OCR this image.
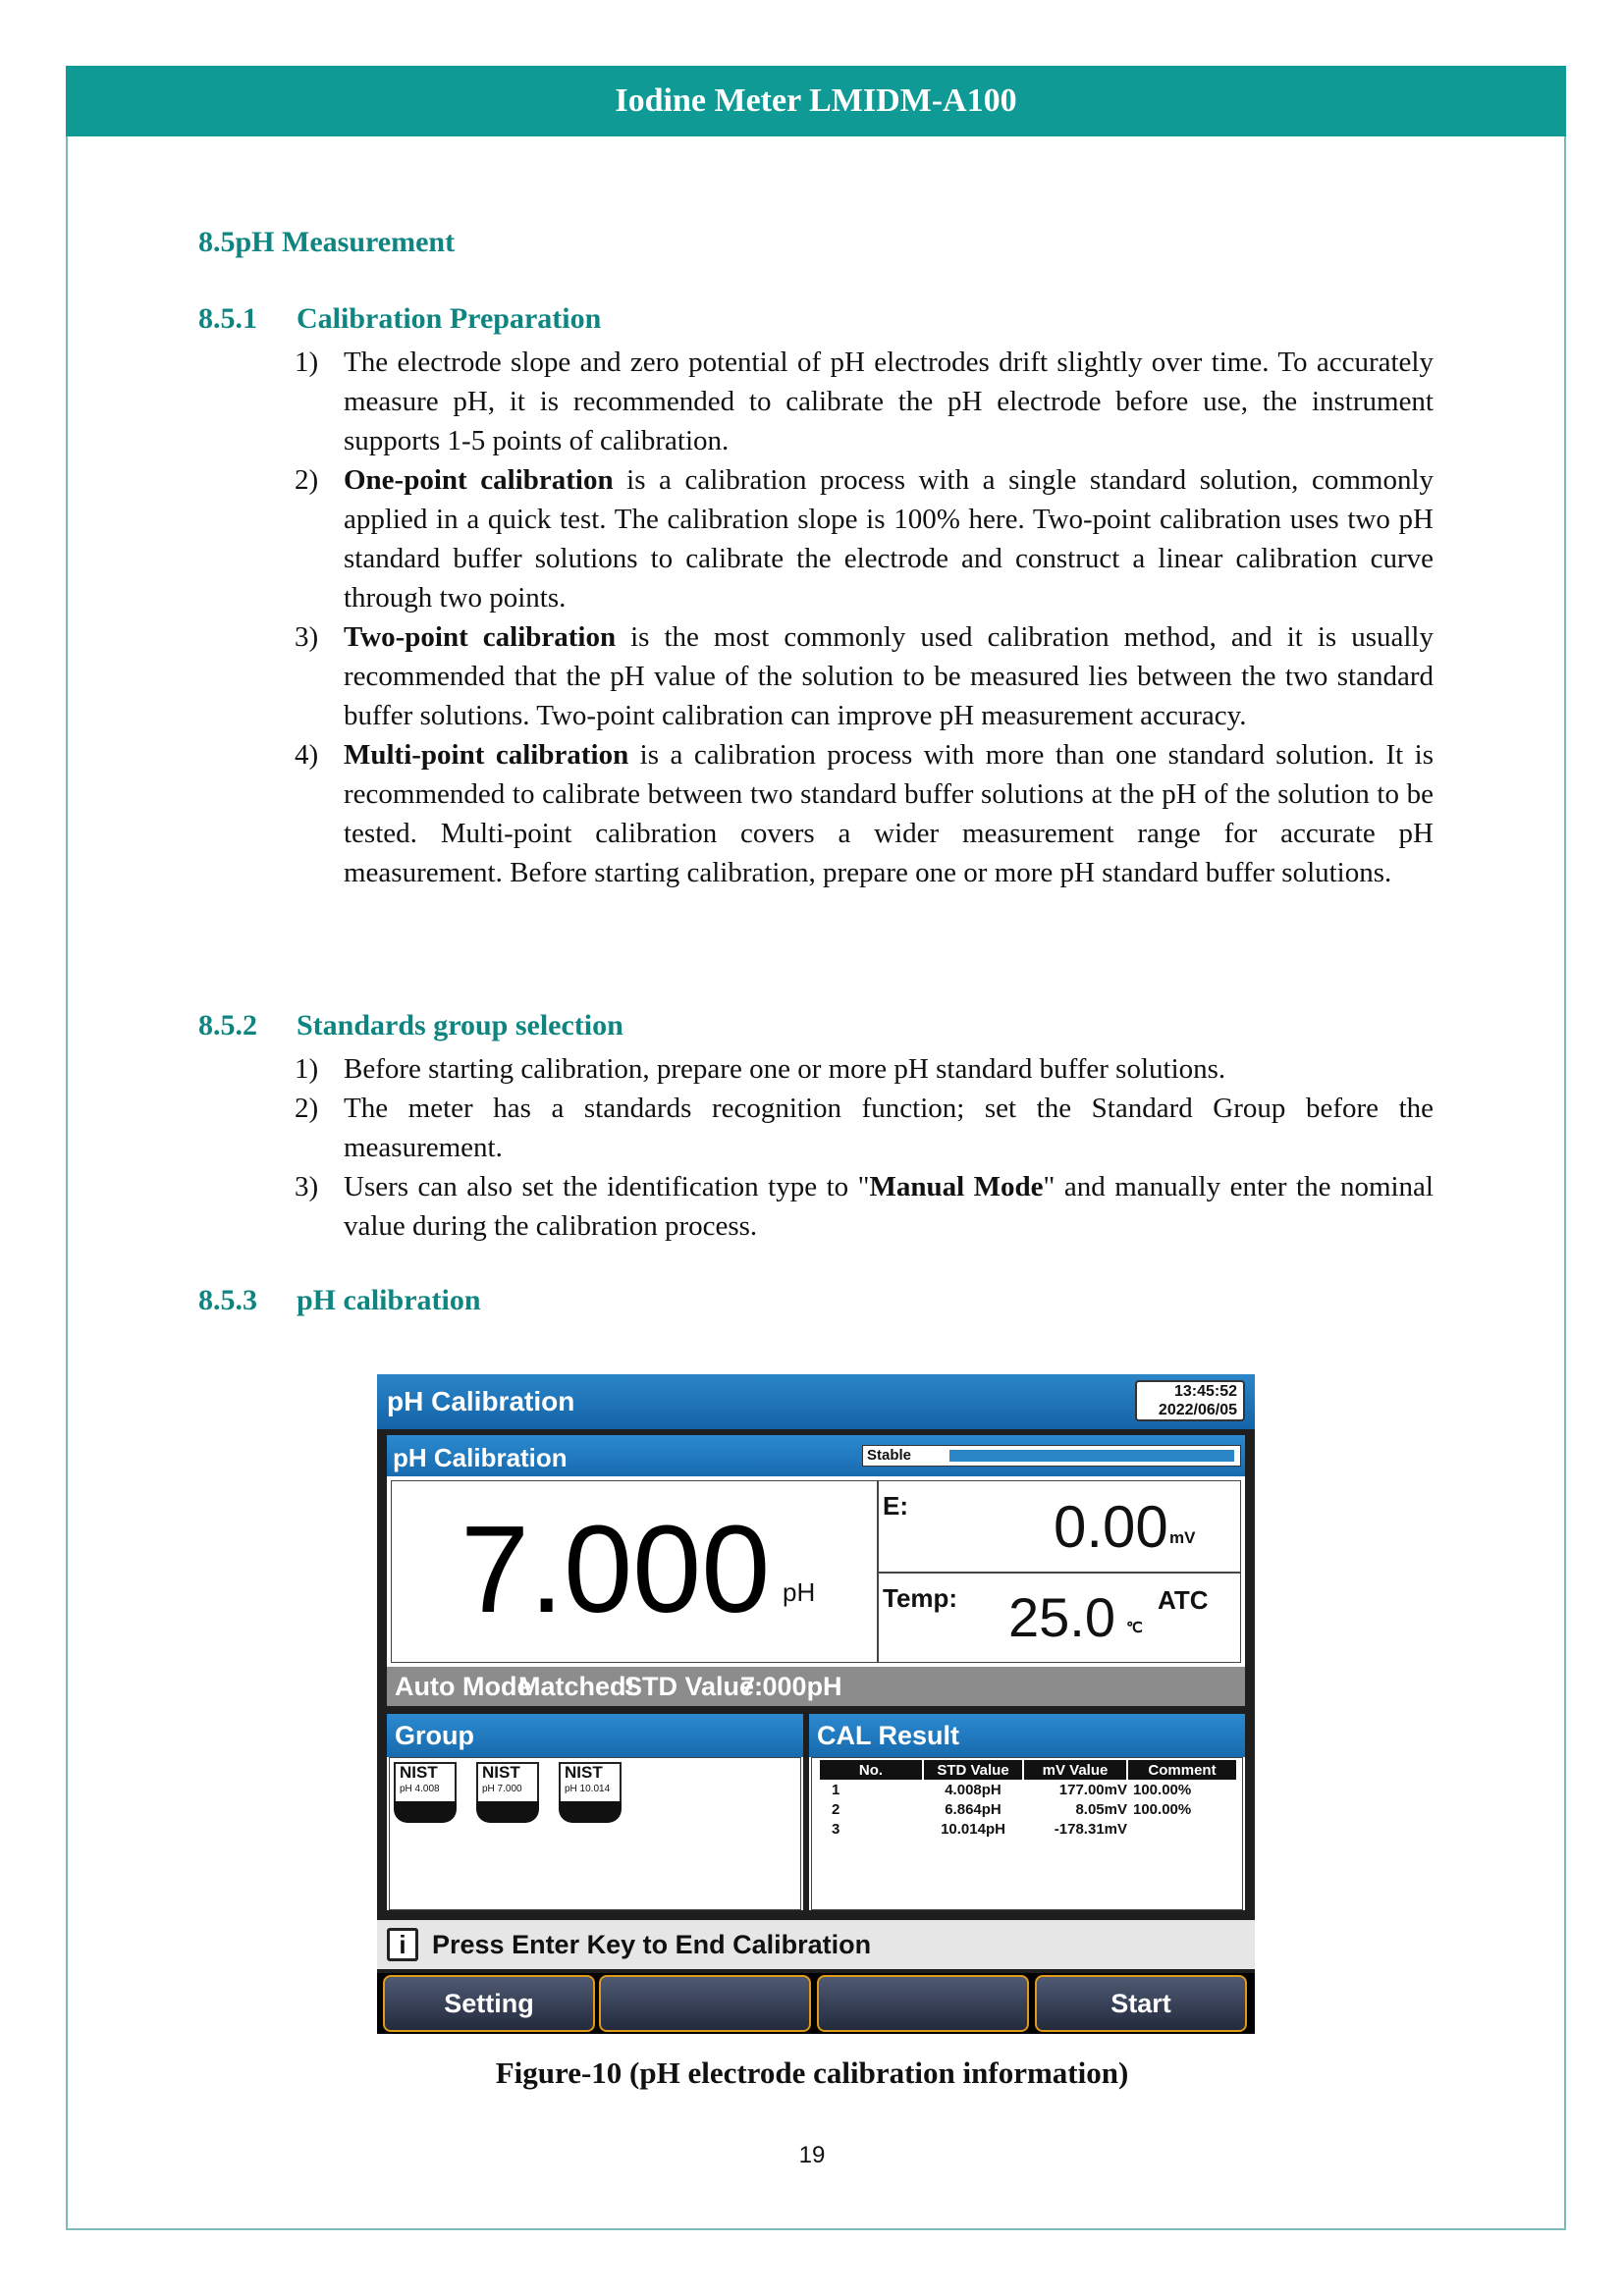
Iodine Meter LMIDM-A100
8.5pH Measurement
8.5.1 Calibration Preparation
1) The electrode slope and zero potential of pH electrodes drift slightly over time. To accurately measure pH, it is recommended to calibrate the pH electrode before use, the instrument supports 1-5 points of calibration.
2) One-point calibration is a calibration process with a single standard solution, commonly applied in a quick test. The calibration slope is 100% here. Two-point calibration uses two pH standard buffer solutions to calibrate the electrode and construct a linear calibration curve through two points.
3) Two-point calibration is the most commonly used calibration method, and it is usually recommended that the pH value of the solution to be measured lies between the two standard buffer solutions. Two-point calibration can improve pH measurement accuracy.
4) Multi-point calibration is a calibration process with more than one standard solution. It is recommended to calibrate between two standard buffer solutions at the pH of the solution to be tested. Multi-point calibration covers a wider measurement range for accurate pH measurement. Before starting calibration, prepare one or more pH standard buffer solutions.
8.5.2 Standards group selection
1) Before starting calibration, prepare one or more pH standard buffer solutions.
2) The meter has a standards recognition function; set the Standard Group before the measurement.
3) Users can also set the identification type to "Manual Mode" and manually enter the nominal value during the calibration process.
8.5.3 pH calibration
pH Calibration	13:45:52
2022/06/05
pH Calibration	Stable
7.000 pH
E: 0.00 mV
Temp: 25.0 ℃
ATC
Auto Mode
Matched!
STD Value:
7.000pH
Group
NIST
pH 4.008
NIST
pH 7.000
NIST
pH 10.014
CAL Result
No.	STD Value	mV Value	Comment
1	4.008pH	177.00mV	100.00%
2	6.864pH	8.05mV	100.00%
3	10.014pH	-178.31mV	
i Press Enter Key to End Calibration
Setting	Start
Figure-10 (pH electrode calibration information)
19
